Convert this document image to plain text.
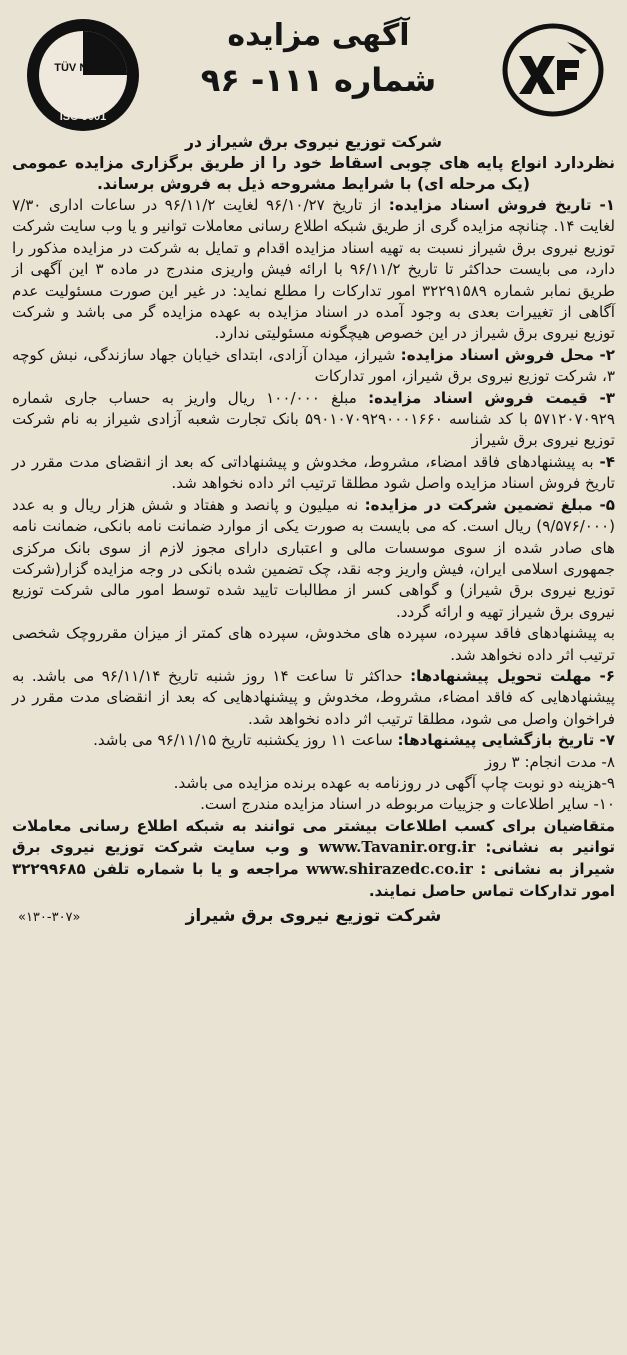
آگهی مزایده
شماره ۱۱۱- ۹۶
TÜV NORD
ISO 9001
شرکت توزیع نیروی برق شیراز در
نظردارد انواع پایه های چوبی اسقاط خود را از طریق برگزاری مزایده عمومی (یک مرحله ای) با شرایط مشروحه ذیل به فروش برساند.

۱- تاریخ فروش اسناد مزایده: از تاریخ ۹۶/۱۰/۲۷ لغایت ۹۶/۱۱/۲ در ساعات اداری ۷/۳۰ لغایت ۱۴. چنانچه مزایده گری از طریق شبکه اطلاع رسانی معاملات توانیر و یا وب سایت شرکت توزیع نیروی برق شیراز نسبت به تهیه اسناد مزایده اقدام و تمایل به شرکت در مزایده مذکور را دارد، می بایست حداکثر تا تاریخ ۹۶/۱۱/۲ با ارائه فیش واریزی مندرج در ماده ۳ این آگهی از طریق نمابر شماره ۳۲۲۹۱۵۸۹ امور تدارکات را مطلع نماید: در غیر این صورت مسئولیت عدم آگاهی از تغییرات بعدی به وجود آمده در اسناد مزایده به عهده مزایده گر می باشد و شرکت توزیع نیروی برق شیراز در این خصوص هیچگونه مسئولیتی ندارد.

۲- محل فروش اسناد مزایده: شیراز، میدان آزادی، ابتدای خیابان جهاد سازندگی، نبش کوچه ۳، شرکت توزیع نیروی برق شیراز، امور تدارکات

۳- قیمت فروش اسناد مزایده: مبلغ ۱۰۰/۰۰۰ ریال واریز به حساب جاری شماره ۵۷۱۲۰۷۰۹۲۹ با کد شناسه ۵۹۰۱۰۷۰۹۲۹۰۰۰۱۶۶۰ بانک تجارت شعبه آزادی شیراز به نام شرکت توزیع نیروی برق شیراز

۴- به پیشنهادهای فاقد امضاء، مشروط، مخدوش و پیشنهاداتی که بعد از انقضای مدت مقرر در تاریخ فروش اسناد مزایده واصل شود مطلقا ترتیب اثر داده نخواهد شد.

۵- مبلغ تضمین شرکت در مزایده: نه میلیون و پانصد و هفتاد و شش هزار ریال و به عدد (۹/۵۷۶/۰۰۰) ریال است. که می بایست به صورت یکی از موارد ضمانت نامه بانکی، ضمانت نامه های صادر شده از سوی موسسات مالی و اعتباری دارای مجوز لازم از سوی بانک مرکزی جمهوری اسلامی ایران، فیش واریز وجه نقد، چک تضمین شده بانکی در وجه مزایده گزار(شرکت توزیع نیروی برق شیراز) و گواهی کسر از مطالبات تایید شده توسط امور مالی شرکت توزیع نیروی برق شیراز تهیه و ارائه گردد.

به پیشنهادهای فاقد سپرده، سپرده های مخدوش، سپرده های کمتر از میزان مقرروچک شخصی ترتیب اثر داده نخواهد شد.

۶- مهلت تحویل پیشنهادها: حداکثر تا ساعت ۱۴ روز شنبه تاریخ ۹۶/۱۱/۱۴ می باشد. به پیشنهادهایی که فاقد امضاء، مشروط، مخدوش و پیشنهادهایی که بعد از انقضای مدت مقرر در فراخوان واصل می شود، مطلقا ترتیب اثر داده نخواهد شد.

۷- تاریخ بازگشایی پیشنهادها: ساعت ۱۱ روز یکشنبه تاریخ ۹۶/۱۱/۱۵ می باشد.

۸- مدت انجام: ۳ روز

۹-هزینه دو نوبت چاپ آگهی در روزنامه به عهده برنده مزایده می باشد.

۱۰- سایر اطلاعات و جزییات مربوطه در اسناد مزایده مندرج است.

متقاضیان برای کسب اطلاعات بیشتر می توانند به شبکه اطلاع رسانی معاملات توانیر به نشانی: www.Tavanir.org.ir و وب سایت شرکت توزیع نیروی برق شیراز به نشانی : www.shirazedc.co.ir مراجعه و یا با شماره تلفن ۳۲۲۹۹۶۸۵ امور تدارکات تماس حاصل نمایند.
شرکت توزیع نیروی برق شیراز
«۱۳۰-۳۰۷»
